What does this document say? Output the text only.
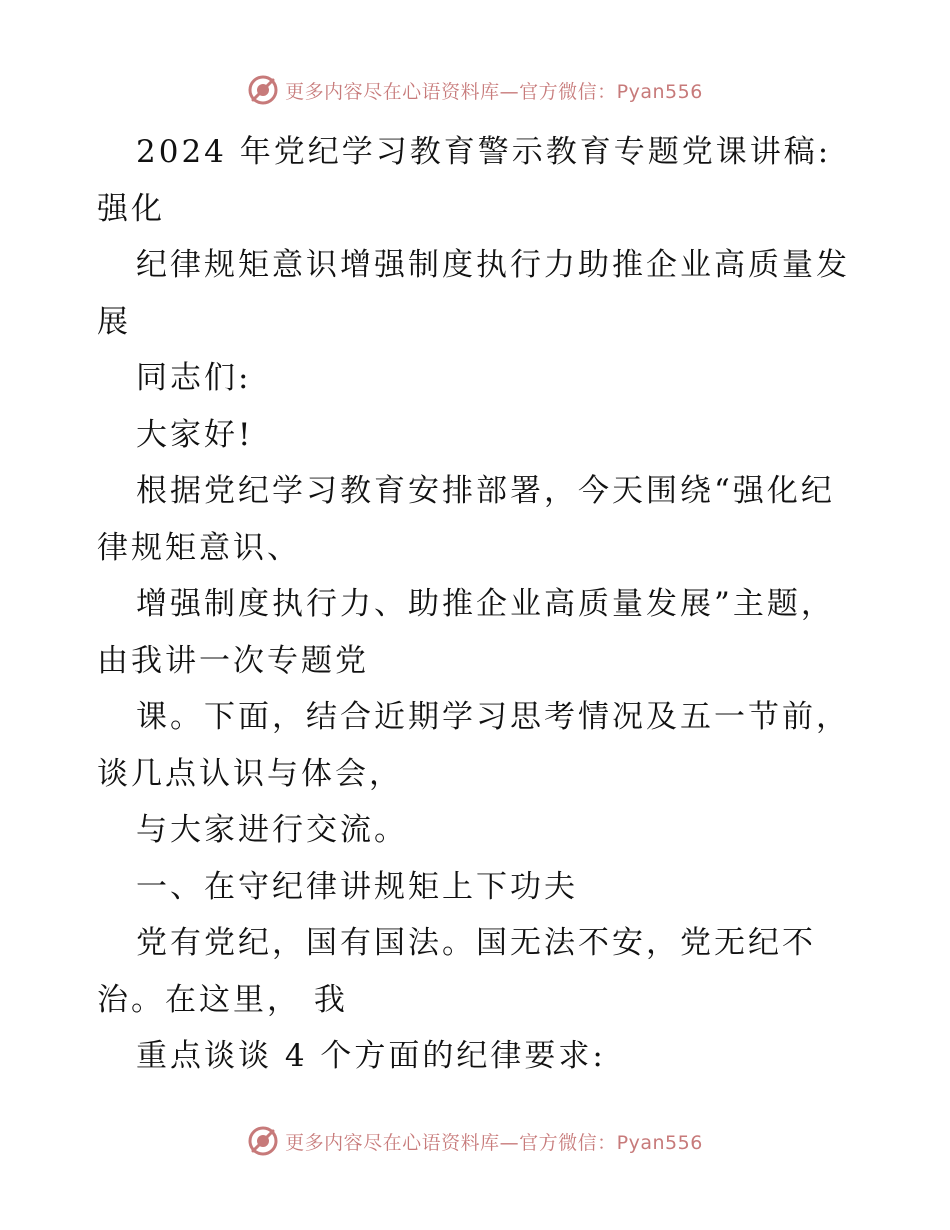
更多内容尽在心语资料库—官方微信：Pyan556
2024 年党纪学习教育警示教育专题党课讲稿:
强化
纪律规矩意识增强制度执行力助推企业高质量发
展
同志们:
大家好!
根据党纪学习教育安排部署，今天围绕“强化纪
律规矩意识、
增强制度执行力、助推企业高质量发展”主题，
由我讲一次专题党
课。下面，结合近期学习思考情况及五一节前，
谈几点认识与体会，
与大家进行交流。
一、在守纪律讲规矩上下功夫
党有党纪，国有国法。国无法不安，党无纪不
治。在这里， 我
重点谈谈 4 个方面的纪律要求:
更多内容尽在心语资料库—官方微信：Pyan556
